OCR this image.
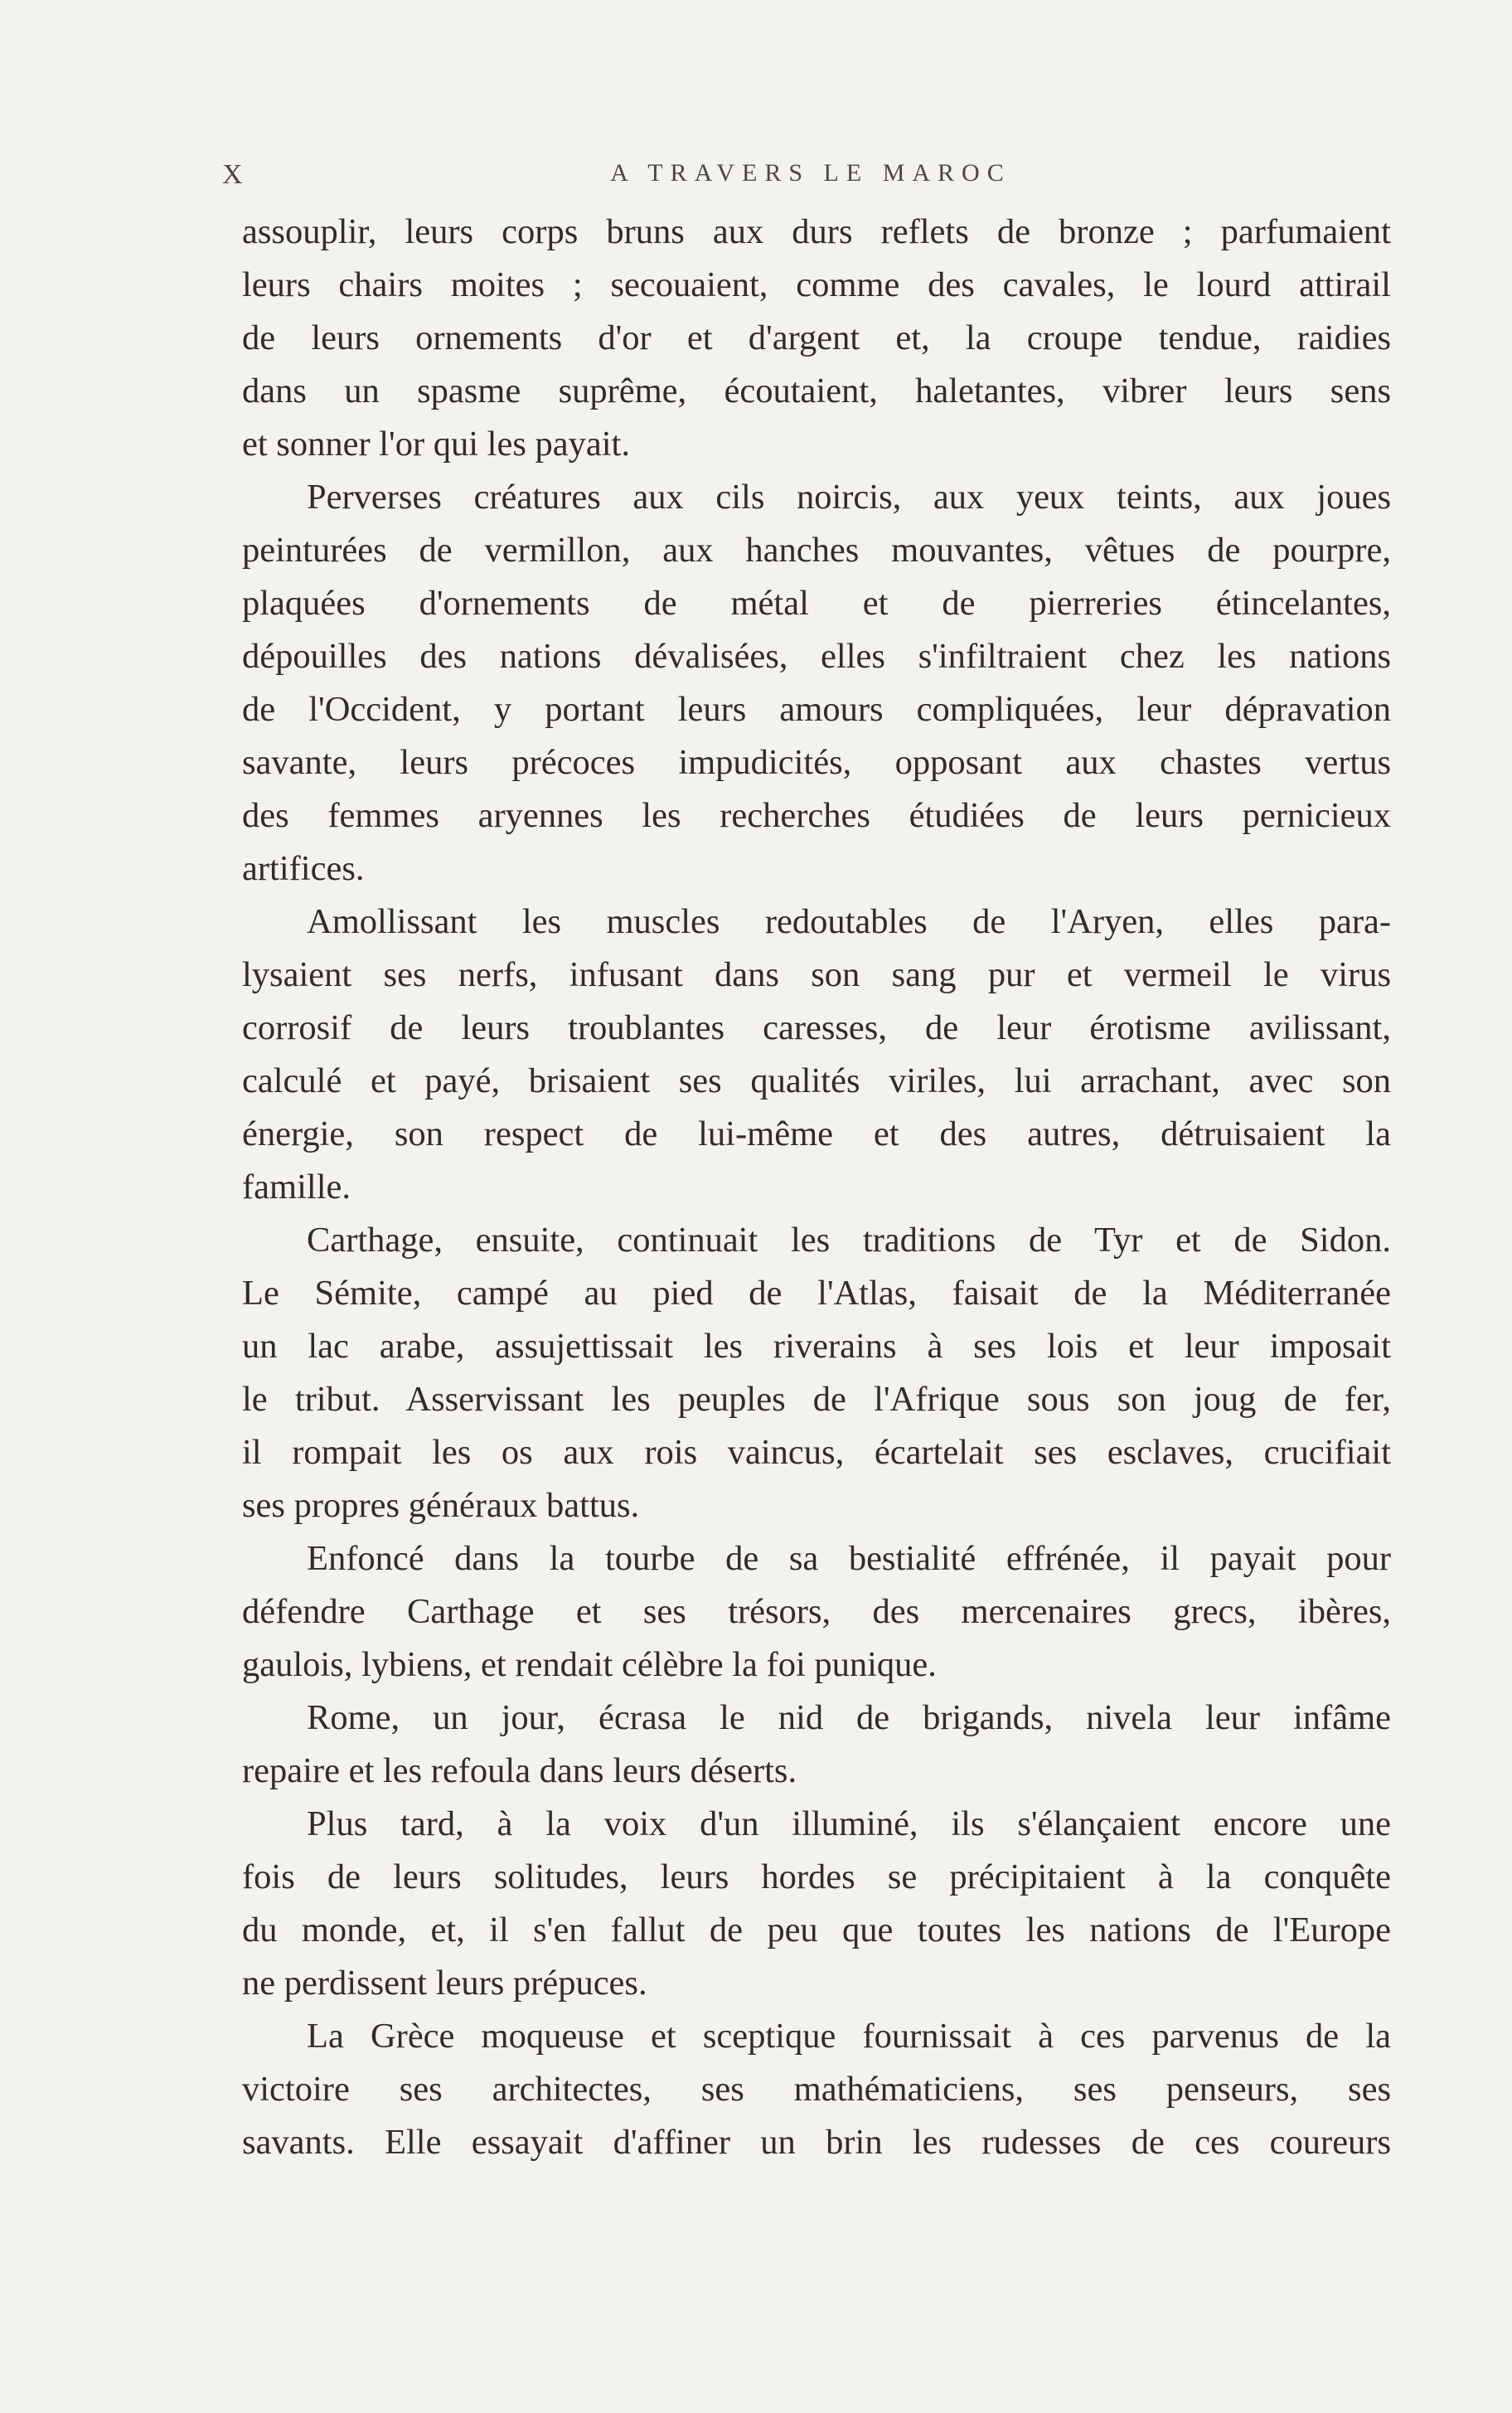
X	A TRAVERS LE MAROC
assouplir, leurs corps bruns aux durs reflets de bronze ; parfumaient
leurs chairs moites ; secouaient, comme des cavales, le lourd attirail
de leurs ornements d'or et d'argent et, la croupe tendue, raidies
dans un spasme suprême, écoutaient, haletantes, vibrer leurs sens
et sonner l'or qui les payait.
Perverses créatures aux cils noircis, aux yeux teints, aux joues
peinturées de vermillon, aux hanches mouvantes, vêtues de pourpre,
plaquées d'ornements de métal et de pierreries étincelantes,
dépouilles des nations dévalisées, elles s'infiltraient chez les nations
de l'Occident, y portant leurs amours compliquées, leur dépravation
savante, leurs précoces impudicités, opposant aux chastes vertus
des femmes aryennes les recherches étudiées de leurs pernicieux
artifices.
Amollissant les muscles redoutables de l'Aryen, elles para-
lysaient ses nerfs, infusant dans son sang pur et vermeil le virus
corrosif de leurs troublantes caresses, de leur érotisme avilissant,
calculé et payé, brisaient ses qualités viriles, lui arrachant, avec son
énergie, son respect de lui-même et des autres, détruisaient la
famille.
Carthage, ensuite, continuait les traditions de Tyr et de Sidon.
Le Sémite, campé au pied de l'Atlas, faisait de la Méditerranée
un lac arabe, assujettissait les riverains à ses lois et leur imposait
le tribut. Asservissant les peuples de l'Afrique sous son joug de fer,
il rompait les os aux rois vaincus, écartelait ses esclaves, crucifiait
ses propres généraux battus.
Enfoncé dans la tourbe de sa bestialité effrénée, il payait pour
défendre Carthage et ses trésors, des mercenaires grecs, ibères,
gaulois, lybiens, et rendait célèbre la foi punique.
Rome, un jour, écrasa le nid de brigands, nivela leur infâme
repaire et les refoula dans leurs déserts.
Plus tard, à la voix d'un illuminé, ils s'élançaient encore une
fois de leurs solitudes, leurs hordes se précipitaient à la conquête
du monde, et, il s'en fallut de peu que toutes les nations de l'Europe
ne perdissent leurs prépuces.
La Grèce moqueuse et sceptique fournissait à ces parvenus de la
victoire ses architectes, ses mathématiciens, ses penseurs, ses
savants. Elle essayait d'affiner un brin les rudesses de ces coureurs
